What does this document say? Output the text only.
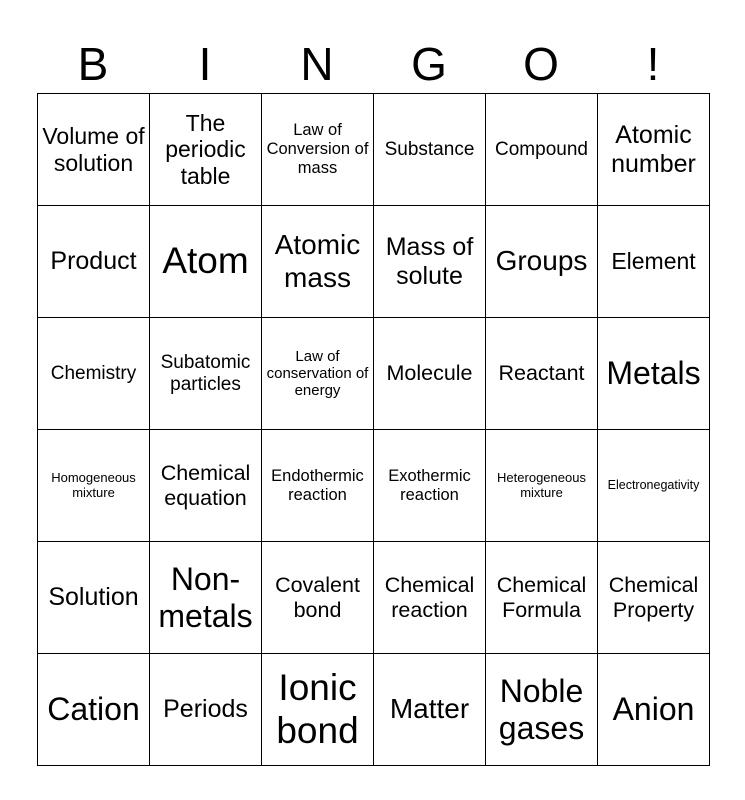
B	I	N	G	O	!
Volume of solution	The periodic table	Law of Conversion of mass	Substance	Compound	Atomic number
Product	Atom	Atomic mass	Mass of solute	Groups	Element
Chemistry	Subatomic particles	Law of conservation of energy	Molecule	Reactant	Metals
Homogeneous mixture	Chemical equation	Endothermic reaction	Exothermic reaction	Heterogeneous mixture	Electronegativity
Solution	Non-metals	Covalent bond	Chemical reaction	Chemical Formula	Chemical Property
Cation	Periods	Ionic bond	Matter	Noble gases	Anion
